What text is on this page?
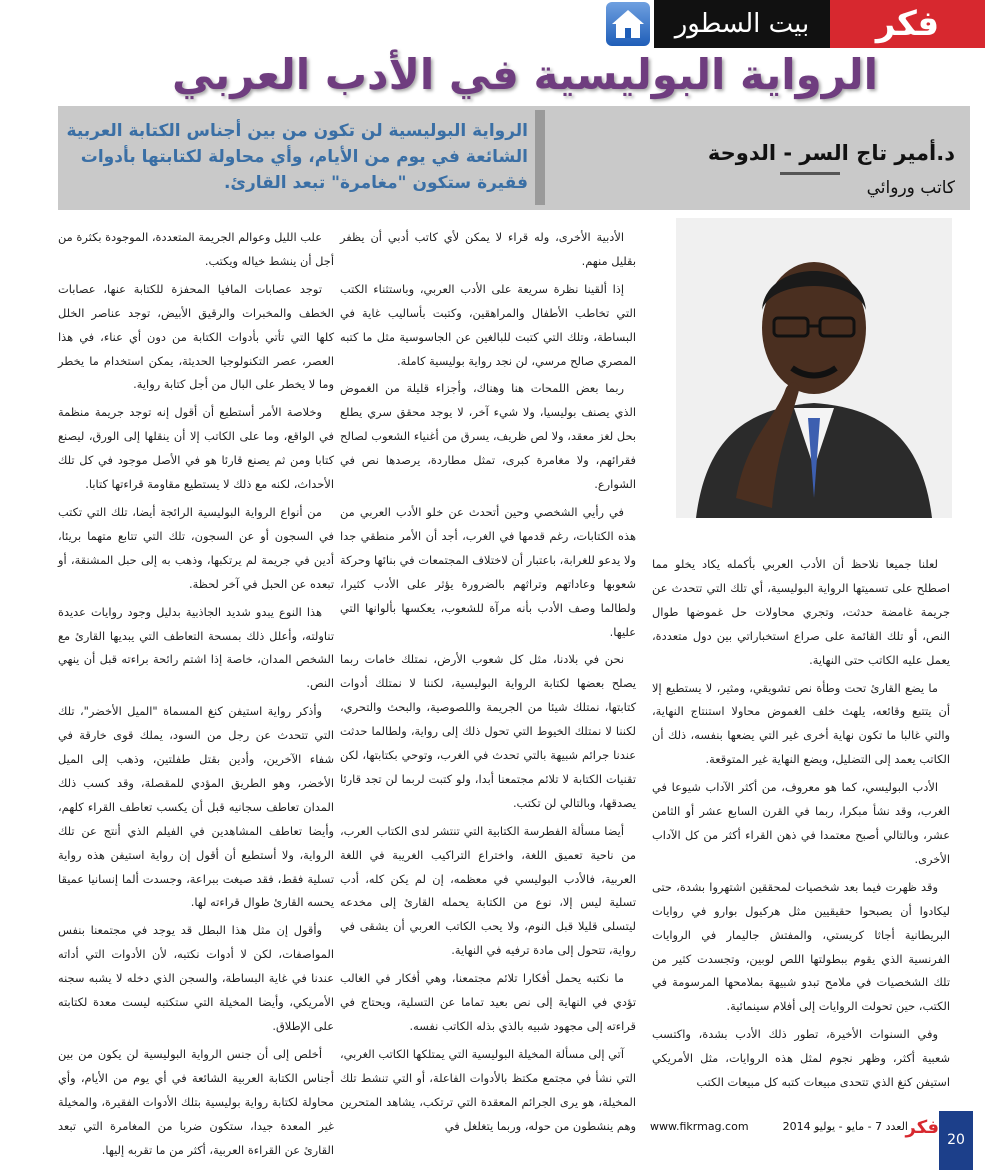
فكر
بيت السطور
الرواية البوليسية في الأدب العربي
الرواية البوليسية لن تكون من بين أجناس الكتابة العربية الشائعة في يوم من الأيام، وأي محاولة لكتابتها بأدوات فقيرة ستكون "مغامرة" تبعد القارئ.
د.أمير تاج السر - الدوحة
كاتب وروائي

لعلنا جميعا نلاحظ أن الأدب العربي بأكمله يكاد يخلو مما اصطلح على تسميتها الرواية البوليسية، أي تلك التي تتحدث عن جريمة غامضة حدثت، وتجري محاولات حل غموضها طوال النص، أو تلك القائمة على صراع استخباراتي بين دول متعددة، يعمل عليه الكاتب حتى النهاية.

ما يضع القارئ تحت وطأة نص تشويقي، ومثير، لا يستطيع إلا أن يتتبع وقائعه، يلهث خلف الغموض محاولا استنتاج النهاية، والتي غالبا ما تكون نهاية أخرى غير التي يضعها بنفسه، ذلك أن الكاتب يعمد إلى التضليل، ويضع النهاية غير المتوقعة.

الأدب البوليسي، كما هو معروف، من أكثر الآداب شيوعا في الغرب، وقد نشأ مبكرا، ربما في القرن السابع عشر أو الثامن عشر، وبالتالي أصبح معتمدا في ذهن القراء أكثر من كل الآداب الأخرى.

وقد ظهرت فيما بعد شخصيات لمحققين اشتهروا بشدة، حتى ليكادوا أن يصبحوا حقيقيين مثل هركيول بوارو في روايات البريطانية أجاثا كريستي، والمفتش جاليمار في الروايات الفرنسية الذي يقوم ببطولتها اللص لوبين، وتجسدت كثير من تلك الشخصيات في ملامح تبدو شبيهة بملامحها المرسومة في الكتب، حين تحولت الروايات إلى أفلام سينمائية.

وفي السنوات الأخيرة، تطور ذلك الأدب بشدة، واكتسب شعبية أكثر، وظهر نجوم لمثل هذه الروايات، مثل الأمريكي استيفن كنغ الذي تتحدى مبيعات كتبه كل مبيعات الكتب

الأدبية الأخرى، وله قراء لا يمكن لأي كاتب أدبي أن يظفر بقليل منهم.

إذا ألقينا نظرة سريعة على الأدب العربي، وباستثناء الكتب التي تخاطب الأطفال والمراهقين، وكتبت بأساليب غاية في البساطة، وتلك التي كتبت للبالغين عن الجاسوسية مثل ما كتبه المصري صالح مرسي، لن نجد رواية بوليسية كاملة.

ربما بعض اللمحات هنا وهناك، وأجزاء قليلة من الغموض الذي يصنف بوليسيا، ولا شيء آخر، لا يوجد محقق سري يطلع بحل لغز معقد، ولا لص ظريف، يسرق من أغنياء الشعوب لصالح فقرائهم، ولا مغامرة كبرى، تمثل مطاردة، يرصدها نص في الشوارع.

في رأيي الشخصي وحين أتحدث عن خلو الأدب العربي من هذه الكتابات، رغم قدمها في الغرب، أجد أن الأمر منطقي جدا ولا يدعو للغرابة، باعتبار أن لاختلاف المجتمعات في بنائها وحركة شعوبها وعاداتهم وتراثهم بالضرورة يؤثر على الأدب كثيرا، ولطالما وصف الأدب بأنه مرآة للشعوب، يعكسها بألوانها التي عليها.

نحن في بلادنا، مثل كل شعوب الأرض، نمتلك خامات ربما يصلح بعضها لكتابة الرواية البوليسية، لكننا لا نمتلك أدوات كتابتها، نمتلك شيئا من الجريمة واللصوصية، والبحث والتحري، لكننا لا نمتلك الخيوط التي تحول ذلك إلى رواية، ولطالما حدثت عندنا جرائم شبيهة بالتي تحدث في الغرب، وتوحي بكتابتها، لكن تقنيات الكتابة لا تلائم مجتمعنا أبدا، ولو كتبت لربما لن تجد قارئا يصدقها، وبالتالي لن تكتب.

أيضا مسألة الفطرسة الكتابية التي تنتشر لدى الكتاب العرب، من ناحية تعميق اللغة، واختراع التراكيب الغريبة في اللغة العربية، فالأدب البوليسي في معظمه، إن لم يكن كله، أدب تسلية ليس إلا، نوع من الكتابة يحمله القارئ إلى مخدعه ليتسلى قليلا قبل النوم، ولا يحب الكاتب العربي أن يشقى في رواية، تتحول إلى مادة ترفيه في النهاية.

ما نكتبه يحمل أفكارا تلائم مجتمعنا، وهي أفكار في الغالب تؤدي في النهاية إلى نص بعيد تماما عن التسلية، ويحتاج في قراءته إلى مجهود شبيه بالذي بذله الكاتب نفسه.

آتي إلى مسألة المخيلة البوليسية التي يمتلكها الكاتب الغربي، التي نشأ في مجتمع مكتظ بالأدوات الفاعلة، أو التي تنشط تلك المخيلة، هو يرى الجرائم المعقدة التي ترتكب، يشاهد المتحرين وهم ينشطون من حوله، وربما يتغلغل في

علب الليل وعوالم الجريمة المتعددة، الموجودة بكثرة من أجل أن ينشط خياله ويكتب.

توجد عصابات المافيا المحفزة للكتابة عنها، عصابات الخطف والمخبرات والرقيق الأبيض، توجد عناصر الخلل كلها التي تأتي بأدوات الكتابة من دون أي عناء، في هذا العصر، عصر التكنولوجيا الحديثة، يمكن استخدام ما يخطر وما لا يخطر على البال من أجل كتابة رواية.

وخلاصة الأمر أستطيع أن أقول إنه توجد جريمة منظمة في الواقع، وما على الكاتب إلا أن ينقلها إلى الورق، ليصنع كتابا ومن ثم يصنع قارئا هو في الأصل موجود في كل تلك الأحداث، لكنه مع ذلك لا يستطيع مقاومة قراءتها كتابا.

من أنواع الرواية البوليسية الرائجة أيضا، تلك التي تكتب في السجون أو عن السجون، تلك التي تتابع متهما بريئا، أدين في جريمة لم يرتكبها، وذهب به إلى حبل المشنقة، أو تبعده عن الحبل في آخر لحظة.

هذا النوع يبدو شديد الجاذبية بدليل وجود روايات عديدة تناولته، وأعلل ذلك بمسحة التعاطف التي يبديها القارئ مع الشخص المدان، خاصة إذا اشتم رائحة براءته قبل أن ينهي النص.

وأذكر رواية استيفن كنغ المسماة "الميل الأخضر"، تلك التي تتحدث عن رجل من السود، يملك قوى خارقة في شفاء الآخرين، وأدين بقتل طفلتين، وذهب إلى الميل الأخضر، وهو الطريق المؤدي للمقصلة، وقد كسب ذلك المدان تعاطف سجانيه قبل أن يكسب تعاطف القراء كلهم، وأيضا تعاطف المشاهدين في الفيلم الذي أنتج عن تلك الرواية، ولا أستطيع أن أقول إن رواية استيفن هذه رواية تسلية فقط، فقد صيغت ببراعة، وجسدت ألما إنسانيا عميقا يحسه القارئ طوال قراءته لها.

وأقول إن مثل هذا البطل قد يوجد في مجتمعنا بنفس المواصفات، لكن لا أدوات نكتبه، لأن الأدوات التي أداته عندنا في غاية البساطة، والسجن الذي دخله لا يشبه سجنه الأمريكي، وأيضا المخيلة التي ستكتبه ليست معدة لكتابته على الإطلاق.

أخلص إلى أن جنس الرواية البوليسية لن يكون من بين أجناس الكتابة العربية الشائعة في أي يوم من الأيام، وأي محاولة لكتابة رواية بوليسية بتلك الأدوات الفقيرة، والمخيلة غير المعدة جيدا، ستكون ضربا من المغامرة التي تبعد القارئ عن القراءة العربية، أكثر من ما تقربه إليها.

www.fikrmag.com	العدد 7 - مايو - يوليو 2014
فكر
20
